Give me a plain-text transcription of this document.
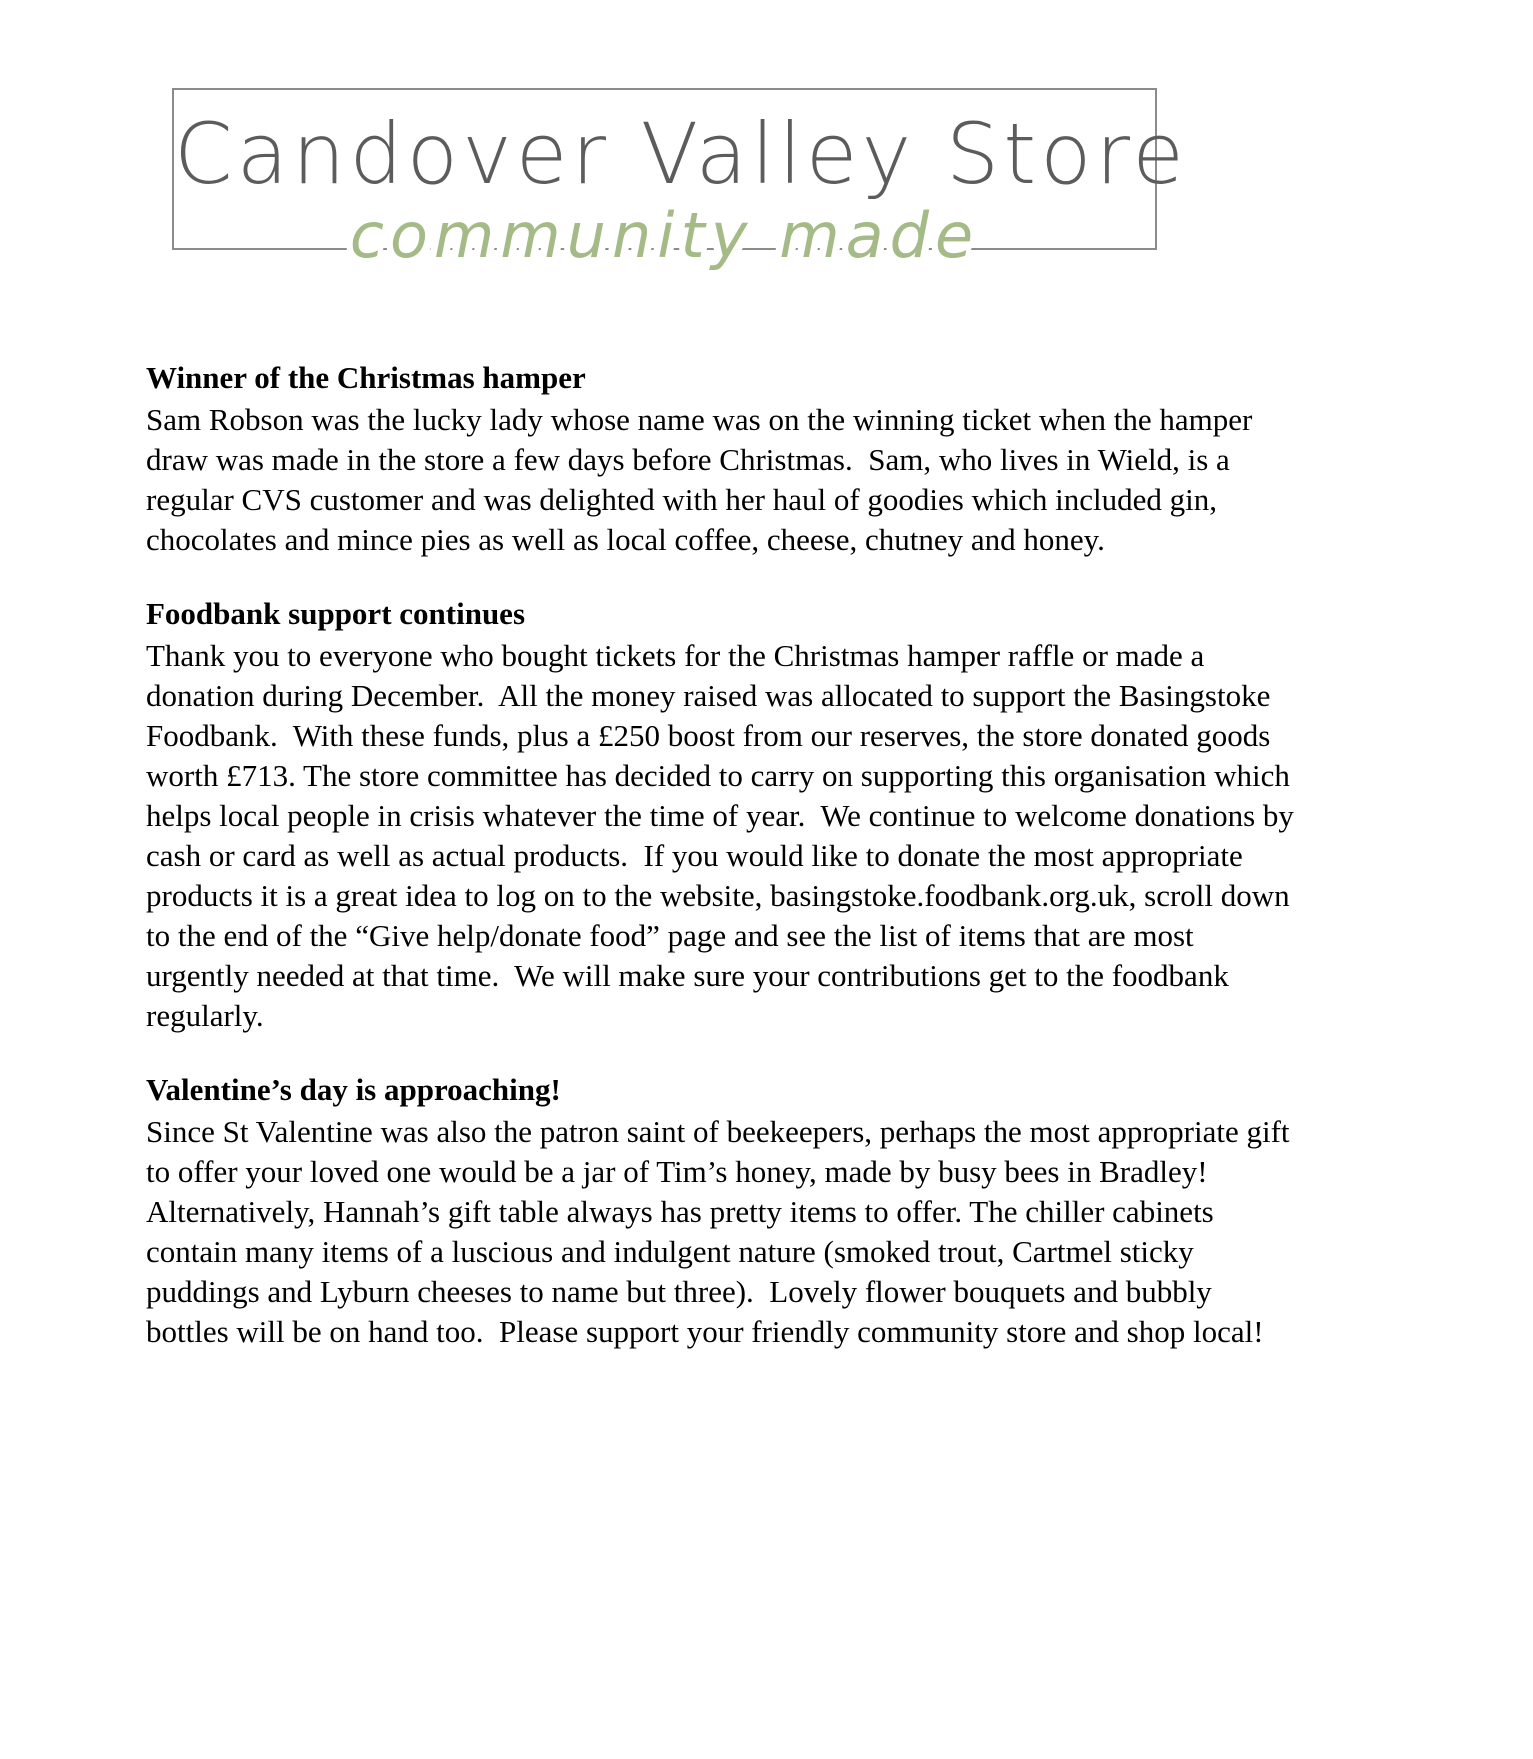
Candover Valley Store
community made
Winner of the Christmas hamper

Sam Robson was the lucky lady whose name was on the winning ticket when the hamper draw was made in the store a few days before Christmas.  Sam, who lives in Wield, is a regular CVS customer and was delighted with her haul of goodies which included gin, chocolates and mince pies as well as local coffee, cheese, chutney and honey.

Foodbank support continues

Thank you to everyone who bought tickets for the Christmas hamper raffle or made a donation during December.  All the money raised was allocated to support the Basingstoke Foodbank.  With these funds, plus a £250 boost from our reserves, the store donated goods worth £713. The store committee has decided to carry on supporting this organisation which helps local people in crisis whatever the time of year.  We continue to welcome donations by cash or card as well as actual products.  If you would like to donate the most appropriate products it is a great idea to log on to the website, basingstoke.foodbank.org.uk, scroll down to the end of the “Give help/donate food” page and see the list of items that are most urgently needed at that time.  We will make sure your contributions get to the foodbank regularly.

Valentine’s day is approaching!

Since St Valentine was also the patron saint of beekeepers, perhaps the most appropriate gift to offer your loved one would be a jar of Tim’s honey, made by busy bees in Bradley!  Alternatively, Hannah’s gift table always has pretty items to offer. The chiller cabinets contain many items of a luscious and indulgent nature (smoked trout, Cartmel sticky puddings and Lyburn cheeses to name but three).  Lovely flower bouquets and bubbly bottles will be on hand too.  Please support your friendly community store and shop local!
